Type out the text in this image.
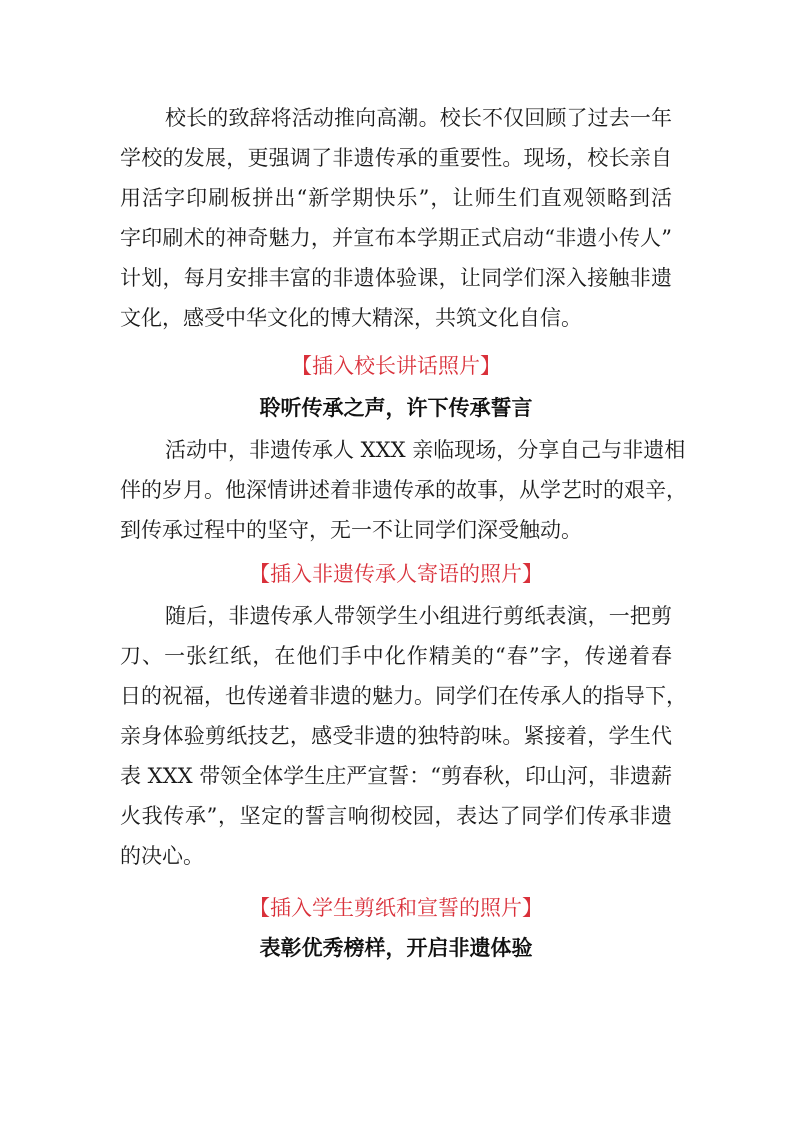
校长的致辞将活动推向高潮。校长不仅回顾了过去一年
学校的发展，更强调了非遗传承的重要性。现场，校长亲自
用活字印刷板拼出“新学期快乐”，让师生们直观领略到活
字印刷术的神奇魅力，并宣布本学期正式启动“非遗小传人”
计划，每月安排丰富的非遗体验课，让同学们深入接触非遗
文化，感受中华文化的博大精深，共筑文化自信。
【插入校长讲话照片】
聆听传承之声，许下传承誓言
活动中，非遗传承人 XXX 亲临现场，分享自己与非遗相
伴的岁月。他深情讲述着非遗传承的故事，从学艺时的艰辛，
到传承过程中的坚守，无一不让同学们深受触动。
【插入非遗传承人寄语的照片】
随后，非遗传承人带领学生小组进行剪纸表演，一把剪
刀、一张红纸，在他们手中化作精美的“春”字，传递着春
日的祝福，也传递着非遗的魅力。同学们在传承人的指导下，
亲身体验剪纸技艺，感受非遗的独特韵味。紧接着，学生代
表 XXX 带领全体学生庄严宣誓：“剪春秋，印山河，非遗薪
火我传承”，坚定的誓言响彻校园，表达了同学们传承非遗
的决心。
【插入学生剪纸和宣誓的照片】
表彰优秀榜样，开启非遗体验
